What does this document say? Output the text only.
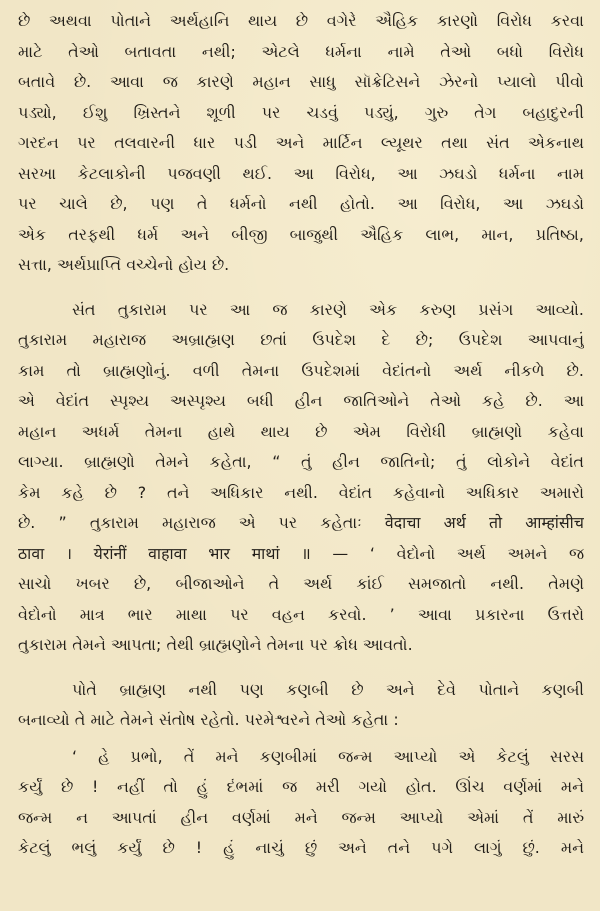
છે અથવા પોતાને અર્થહાનિ થાય છે વગેરે ઐહિક કારણો વિરોધ કરવા
માટે તેઓ બતાવતા નથી; એટલે ધર્મના નામે તેઓ બધો વિરોધ
બતાવે છે. આવા જ કારણે મહાન સાધુ સૉક્રેટિસને ઝેરનો પ્યાલો પીવો
પડ્યો, ઈશુ ખ્રિસ્તને શૂળી પર ચડવું પડ્યું, ગુરુ તેગ બહાદુરની
ગરદન પર તલવારની ધાર પડી અને માર્ટિન લ્યૂથર તથા સંત એકનાથ
સરખા કેટલાકોની પજવણી થઈ. આ વિરોધ, આ ઝઘડો ધર્મના નામ
પર ચાલે છે, પણ તે ધર્મનો નથી હોતો. આ વિરોધ, આ ઝઘડો
એક તરફથી ધર્મ અને બીજી બાજુથી ઐહિક લાભ, માન, પ્રતિષ્ઠા,
સત્તા, અર્થપ્રાપ્તિ વચ્ચેનો હોય છે.
સંત તુકારામ પર આ જ કારણે એક કરુણ પ્રસંગ આવ્યો.
તુકારામ મહારાજ અબ્રાહ્મણ છતાં ઉપદેશ દે છે; ઉપદેશ આપવાનું
કામ તો બ્રાહ્મણોનું. વળી તેમના ઉપદેશમાં વેદાંતનો અર્થ નીકળે છે.
એ વેદાંત સ્પૃશ્ય અસ્પૃશ્ય બધી હીન જાતિઓને તેઓ કહે છે. આ
મહાન અધર્મ તેમના હાથે થાય છે એમ વિરોધી બ્રાહ્મણો કહેવા
લાગ્યા. બ્રાહ્મણો તેમને કહેતા, “ તું હીન જાતિનો; તું લોકોને વેદાંત
કેમ કહે છે ? તને અધિકાર નથી. વેદાંત કહેવાનો અધિકાર અમારો
છે. ” તુકારામ મહારાજ એ પર કહેતાઃ वेदाचा अर्थ तो आम्हांसीच
ठावा । येरांनीं वाहावा भार माथां ॥ — ‘ વેદોનો અર્થ અમને જ
સાચો ખબર છે, બીજાઓને તે અર્થ કાંઈ સમજાતો નથી. તેમણે
વેદોનો માત્ર ભાર માથા પર વહન કરવો. ’ આવા પ્રકારના ઉત્તરો
તુકારામ તેમને આપતા; તેથી બ્રાહ્મણોને તેમના પર ક્રોધ આવતો.
પોતે બ્રાહ્મણ નથી પણ કણબી છે અને દેવે પોતાને કણબી
બનાવ્યો તે માટે તેમને સંતોષ રહેતો. પરમેશ્વરને તેઓ કહેતા :
‘ હે પ્રભો, તેં મને કણબીમાં જન્મ આપ્યો એ કેટલું સરસ
કર્યું છે ! નહીં તો હું દંભમાં જ મરી ગયો હોત. ઊંચ વર્ણમાં મને
જન્મ ન આપતાં હીન વર્ણમાં મને જન્મ આપ્યો એમાં તેં મારું
કેટલું ભલું કર્યું છે ! હું નાચું છું અને તને પગે લાગું છું. મને
